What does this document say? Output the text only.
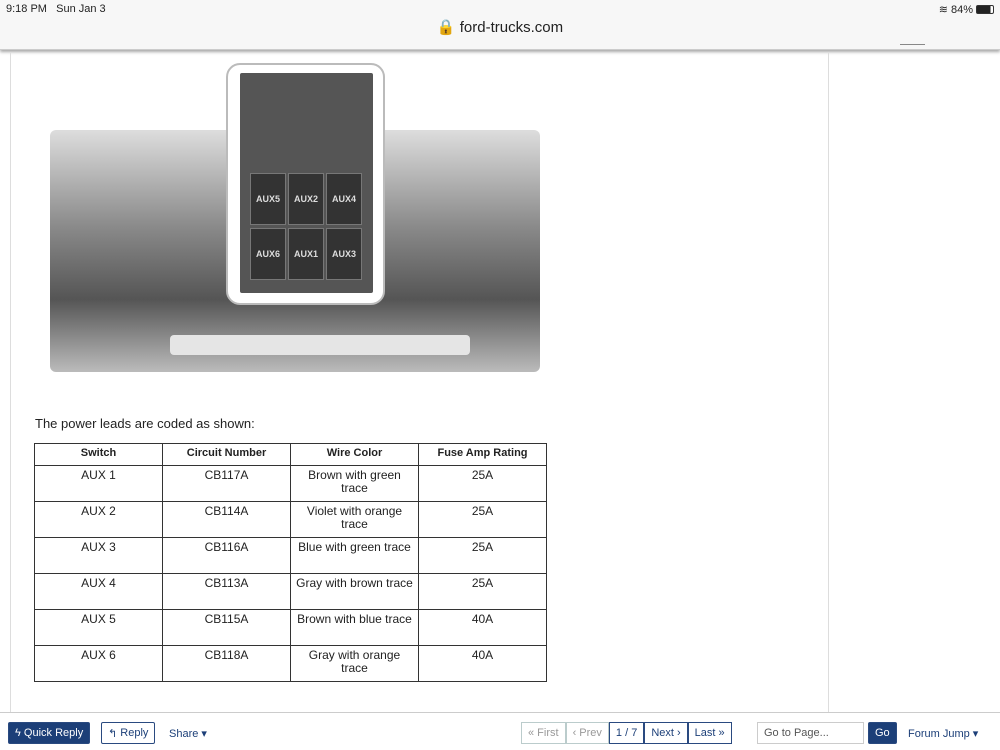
9:18 PM Sun Jan 3	≋ 84%
🔒 ford-trucks.com
AUX5	AUX2	AUX4
AUX6	AUX1	AUX3
The power leads are coded as shown:
Switch	Circuit Number	Wire Color	Fuse Amp Rating
AUX 1	CB117A	Brown with green trace	25A
AUX 2	CB114A	Violet with orange trace	25A
AUX 3	CB116A	Blue with green trace	25A
AUX 4	CB113A	Gray with brown trace	25A
AUX 5	CB115A	Brown with blue trace	40A
AUX 6	CB118A	Gray with orange trace	40A
ϟ Quick Reply ↰ Reply Share ▾	« First	‹ Prev	1 / 7	Next ›	Last »	Go to Page...	Go	Forum Jump ▾
